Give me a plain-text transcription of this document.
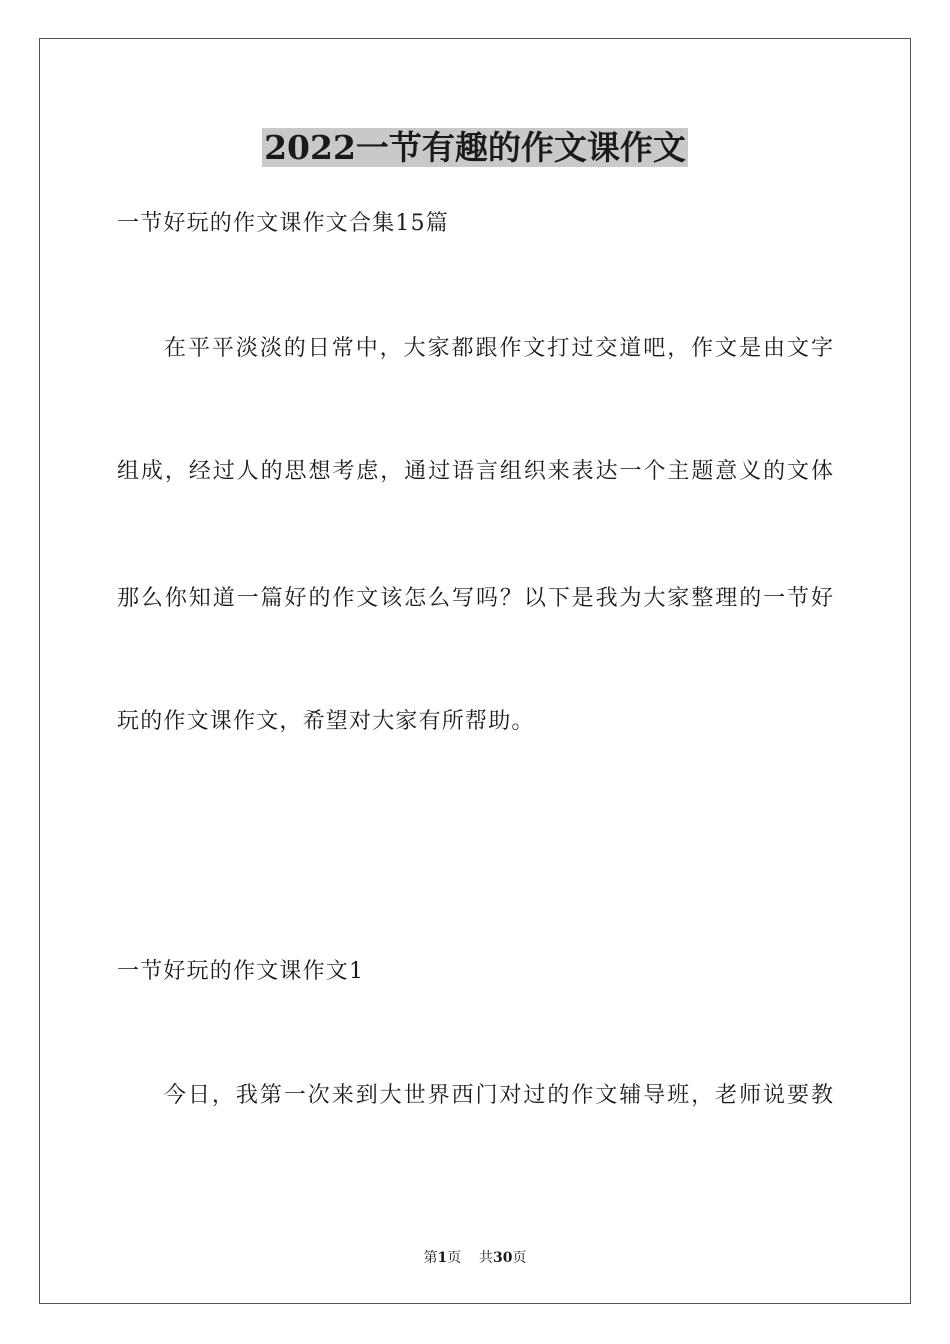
2022一节有趣的作文课作文
一节好玩的作文课作文合集15篇
在平平淡淡的日常中，大家都跟作文打过交道吧，作文是由文字
组成，经过人的思想考虑，通过语言组织来表达一个主题意义的文体
那么你知道一篇好的作文该怎么写吗？以下是我为大家整理的一节好
玩的作文课作文，希望对大家有所帮助。
一节好玩的作文课作文1
今日，我第一次来到大世界西门对过的作文辅导班，老师说要教
第1页 共30页
